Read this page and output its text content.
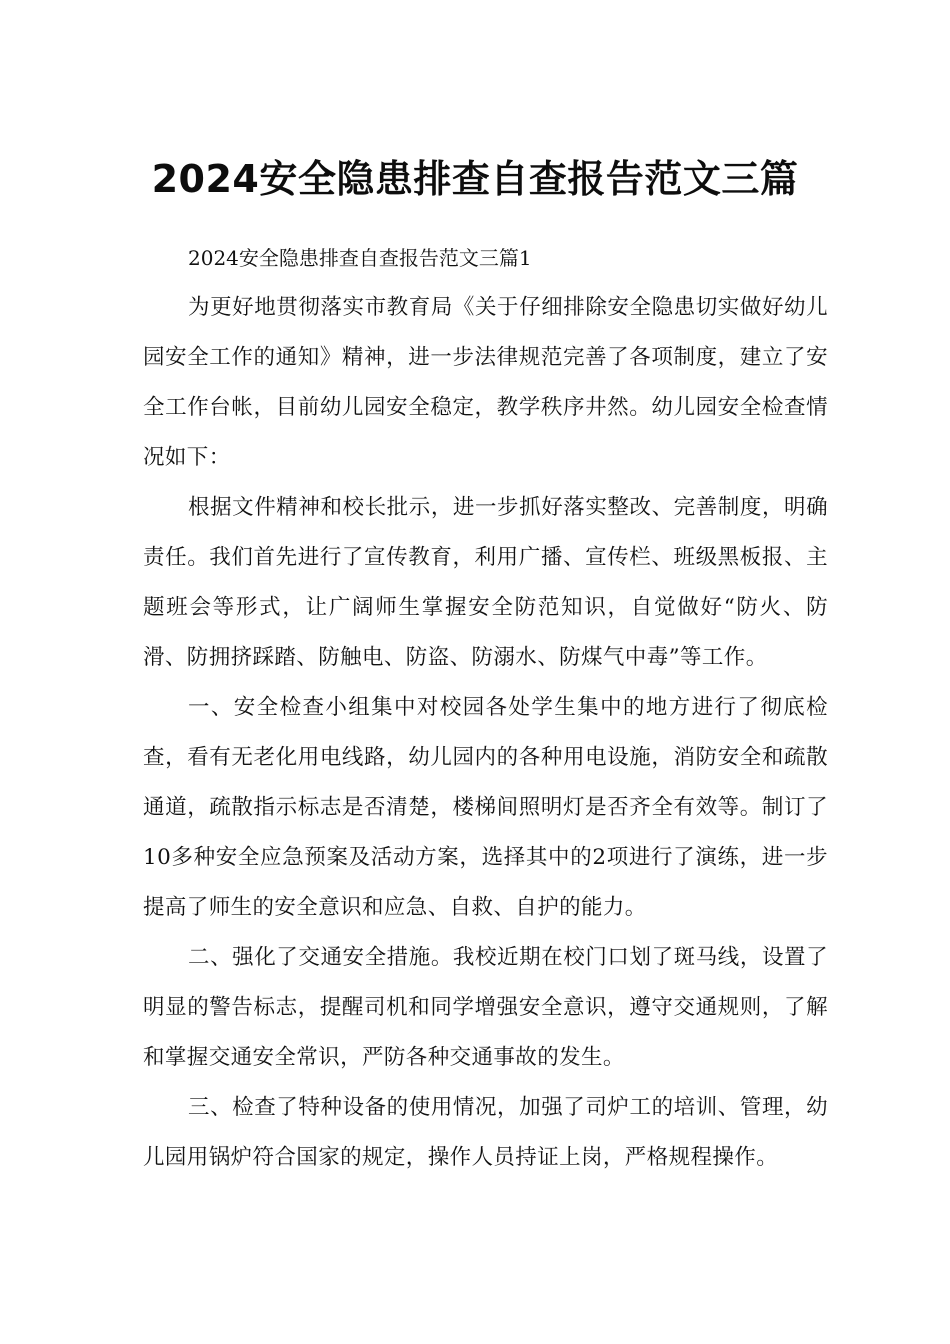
2024安全隐患排查自查报告范文三篇

2024安全隐患排查自查报告范文三篇1

为更好地贯彻落实市教育局《关于仔细排除安全隐患切实做好幼儿园安全工作的通知》精神，进一步法律规范完善了各项制度，建立了安全工作台帐，目前幼儿园安全稳定，教学秩序井然。幼儿园安全检查情况如下：

根据文件精神和校长批示，进一步抓好落实整改、完善制度，明确责任。我们首先进行了宣传教育，利用广播、宣传栏、班级黑板报、主题班会等形式，让广阔师生掌握安全防范知识，自觉做好“防火、防滑、防拥挤踩踏、防触电、防盗、防溺水、防煤气中毒”等工作。

一、安全检查小组集中对校园各处学生集中的地方进行了彻底检查，看有无老化用电线路，幼儿园内的各种用电设施，消防安全和疏散通道，疏散指示标志是否清楚，楼梯间照明灯是否齐全有效等。制订了10多种安全应急预案及活动方案，选择其中的2项进行了演练，进一步提高了师生的安全意识和应急、自救、自护的能力。

二、强化了交通安全措施。我校近期在校门口划了斑马线，设置了明显的警告标志，提醒司机和同学增强安全意识，遵守交通规则，了解和掌握交通安全常识，严防各种交通事故的发生。

三、检查了特种设备的使用情况，加强了司炉工的培训、管理，幼儿园用锅炉符合国家的规定，操作人员持证上岗，严格规程操作。
